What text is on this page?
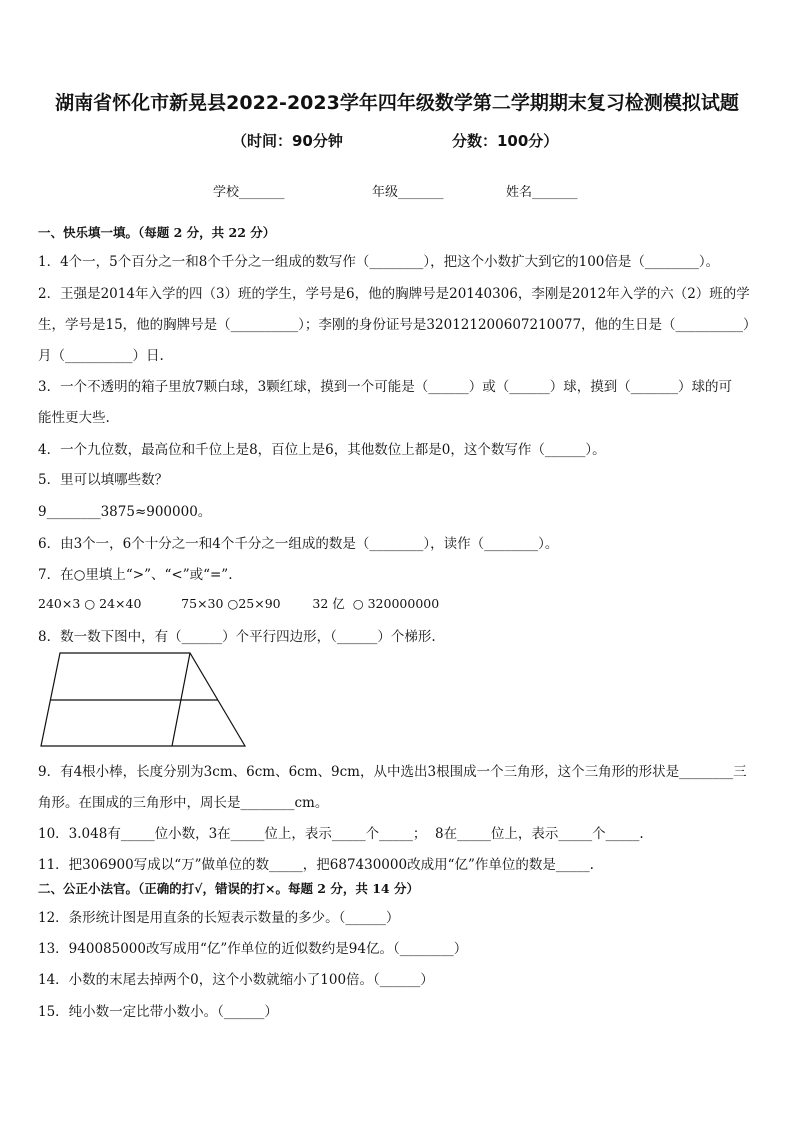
湖南省怀化市新晃县2022-2023学年四年级数学第二学期期末复习检测模拟试题
（时间：90分钟	分数：100分）
学校_______	年级_______	姓名_______
一、快乐填一填。（每题 2 分，共 22 分）
1．4个一，5个百分之一和8个千分之一组成的数写作（________），把这个小数扩大到它的100倍是（________）。
2．王强是2014年入学的四（3）班的学生，学号是6，他的胸牌号是20140306，李刚是2012年入学的六（2）班的学
生，学号是15，他的胸牌号是（__________）；李刚的身份证号是320121200607210077，他的生日是（__________）
月（__________）日.
3．一个不透明的箱子里放7颗白球，3颗红球，摸到一个可能是（______）或（______）球，摸到（_______）球的可
能性更大些.
4．一个九位数，最高位和千位上是8，百位上是6，其他数位上都是0，这个数写作（______）。
5．里可以填哪些数？
9________3875≈900000。
6．由3个一，6个十分之一和4个千分之一组成的数是（________），读作（________）。
7．在○里填上“>”、“<”或“=”.
240×3 ○ 24×40          75×30 ○25×90        32 亿  ○ 320000000
8．数一数下图中，有（______）个平行四边形，（______）个梯形.
9．有4根小棒，长度分别为3cm、6cm、6cm、9cm，从中选出3根围成一个三角形，这个三角形的形状是________三
角形。在围成的三角形中，周长是________cm。
10．3.048有_____位小数，3在_____位上，表示_____个_____；  8在_____位上，表示_____个_____.
11．把306900写成以“万”做单位的数_____，把687430000改成用“亿”作单位的数是_____.
二、公正小法官。（正确的打√，错误的打×。每题 2 分，共 14 分）
12．条形统计图是用直条的长短表示数量的多少。（______）
13．940085000改写成用“亿”作单位的近似数约是94亿。（________）
14．小数的末尾去掉两个0，这个小数就缩小了100倍。（______）
15．纯小数一定比带小数小。（______）
